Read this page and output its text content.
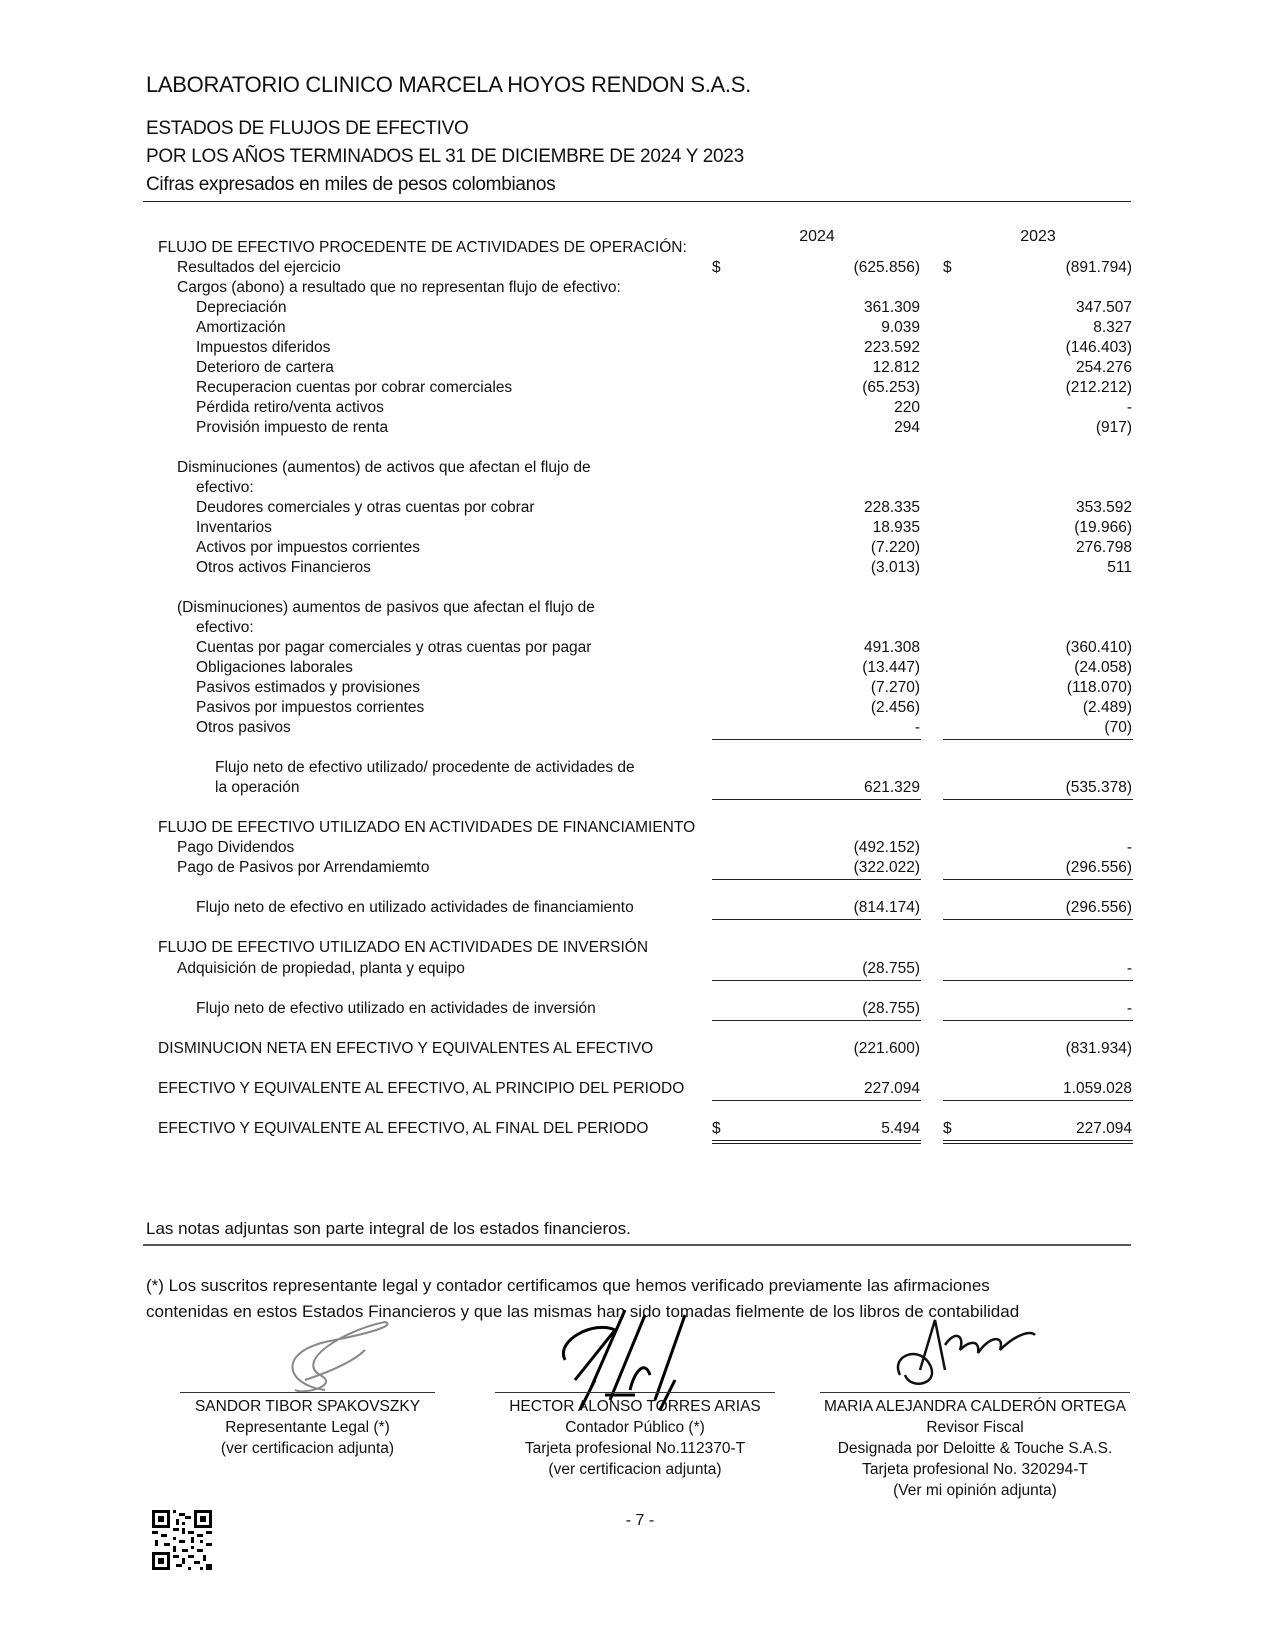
LABORATORIO CLINICO MARCELA HOYOS RENDON S.A.S.
ESTADOS DE FLUJOS DE EFECTIVO
POR LOS AÑOS TERMINADOS EL 31 DE DICIEMBRE DE 2024 Y 2023
Cifras expresados en miles de pesos colombianos
2024	2023
FLUJO DE EFECTIVO PROCEDENTE DE ACTIVIDADES DE OPERACIÓN:
Resultados del ejercicio	$	(625.856) $	(891.794)
Cargos (abono) a resultado que no representan flujo de efectivo:
Depreciación	361.309	347.507
Amortización	9.039	8.327
Impuestos diferidos	223.592	(146.403)
Deterioro de cartera	12.812	254.276
Recuperacion cuentas por cobrar comerciales	(65.253)	(212.212)
Pérdida retiro/venta activos	220	-
Provisión impuesto de renta	294	(917)
Disminuciones (aumentos) de activos que afectan el flujo de
efectivo:
Deudores comerciales y otras cuentas por cobrar	228.335	353.592
Inventarios	18.935	(19.966)
Activos por impuestos corrientes	(7.220)	276.798
Otros activos Financieros	(3.013)	511
(Disminuciones) aumentos de pasivos que afectan el flujo de
efectivo:
Cuentas por pagar comerciales y otras cuentas por pagar	491.308	(360.410)
Obligaciones laborales	(13.447)	(24.058)
Pasivos estimados y provisiones	(7.270)	(118.070)
Pasivos por impuestos corrientes	(2.456)	(2.489)
Otros pasivos	-	(70)
Flujo neto de efectivo utilizado/ procedente de actividades de
la operación	621.329	(535.378)
FLUJO DE EFECTIVO UTILIZADO EN ACTIVIDADES DE FINANCIAMIENTO
Pago Dividendos	(492.152)	-
Pago de Pasivos por Arrendamiemto	(322.022)	(296.556)
Flujo neto de efectivo en utilizado actividades de financiamiento	(814.174)	(296.556)
FLUJO DE EFECTIVO UTILIZADO EN ACTIVIDADES DE INVERSIÓN
Adquisición de propiedad, planta y equipo	(28.755)	-
Flujo neto de efectivo utilizado en actividades de inversión	(28.755)	-
DISMINUCION NETA EN EFECTIVO Y EQUIVALENTES AL EFECTIVO	(221.600)	(831.934)
EFECTIVO Y EQUIVALENTE AL EFECTIVO, AL PRINCIPIO DEL PERIODO	227.094	1.059.028
EFECTIVO Y EQUIVALENTE AL EFECTIVO, AL FINAL DEL PERIODO	$	5.494 $	227.094
Las notas adjuntas son parte integral de los estados financieros.
(*) Los suscritos representante legal y contador certificamos que hemos verificado previamente las afirmaciones
contenidas en estos Estados Financieros y que las mismas han sido tomadas fielmente de los libros de contabilidad
SANDOR TIBOR SPAKOVSZKY
Representante Legal (*)
(ver certificacion adjunta)
HECTOR ALONSO TORRES ARIAS
Contador Público (*)
Tarjeta profesional No.112370-T
(ver certificacion adjunta)
MARIA ALEJANDRA CALDERÓN ORTEGA
Revisor Fiscal
Designada por Deloitte & Touche S.A.S.
Tarjeta profesional No. 320294-T
(Ver mi opinión adjunta)
- 7 -
